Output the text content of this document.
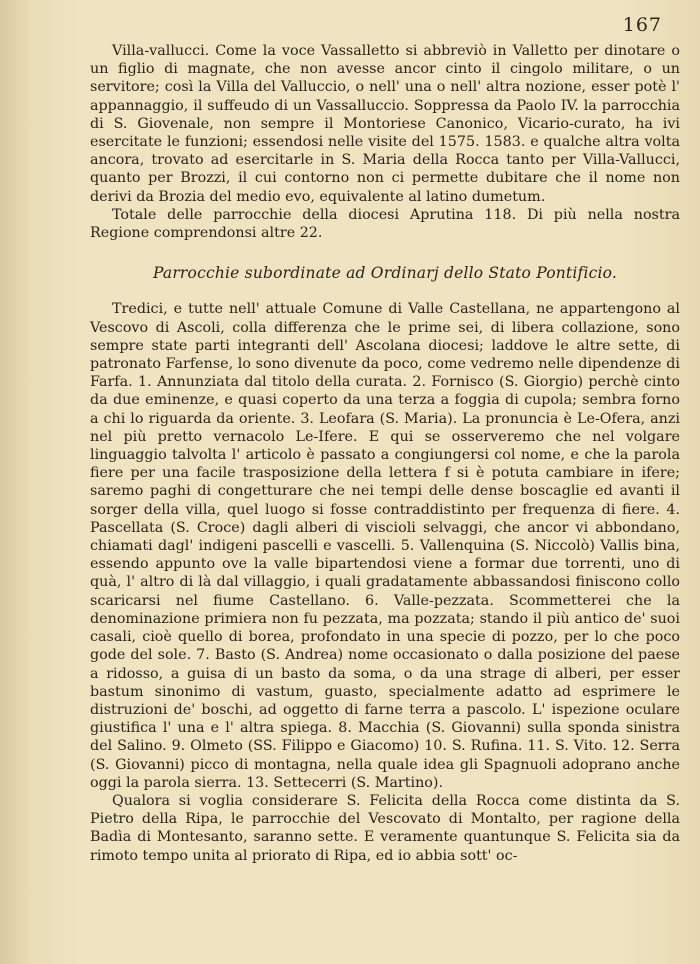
167

Villa-vallucci. Come la voce Vassalletto si abbreviò in Valletto per dinotare o un figlio di magnate, che non avesse ancor cinto il cingolo militare, o un servitore; così la Villa del Valluccio, o nell' una o nell' altra nozione, esser potè l' appannaggio, il suffeudo di un Vassalluccio. Soppressa da Paolo IV. la parrocchia di S. Giovenale, non sempre il Montoriese Canonico, Vicario-curato, ha ivi esercitate le funzioni; essendosi nelle visite del 1575. 1583. e qualche altra volta ancora, trovato ad esercitarle in S. Maria della Rocca tanto per Villa-Vallucci, quanto per Brozzi, il cui contorno non ci permette dubitare che il nome non derivi da Brozia del medio evo, equivalente al latino dumetum.

Totale delle parrocchie della diocesi Aprutina 118. Di più nella nostra Regione comprendonsi altre 22.

Parrocchie subordinate ad Ordinarj dello Stato Pontificio.

Tredici, e tutte nell' attuale Comune di Valle Castellana, ne appartengono al Vescovo di Ascoli, colla differenza che le prime sei, di libera collazione, sono sempre state parti integranti dell' Ascolana diocesi; laddove le altre sette, di patronato Farfense, lo sono divenute da poco, come vedremo nelle dipendenze di Farfa. 1. Annunziata dal titolo della curata. 2. Fornisco (S. Giorgio) perchè cinto da due eminenze, e quasi coperto da una terza a foggia di cupola; sembra forno a chi lo riguarda da oriente. 3. Leofara (S. Maria). La pronuncia è Le-Ofera, anzi nel più pretto vernacolo Le-Ifere. E qui se osserveremo che nel volgare linguaggio talvolta l' articolo è passato a congiungersi col nome, e che la parola fiere per una facile trasposizione della lettera f si è potuta cambiare in ifere; saremo paghi di congetturare che nei tempi delle dense boscaglie ed avanti il sorger della villa, quel luogo si fosse contraddistinto per frequenza di fiere. 4. Pascellata (S. Croce) dagli alberi di visciolі selvaggi, che ancor vi abbondano, chiamati dagl' indigeni pascelli e vascelli. 5. Vallenquina (S. Niccolò) Vallis bina, essendo appunto ove la valle bipartendosi viene a formar due torrenti, uno di quà, l' altro di là dal villaggio, i quali gradatamente abbassandosi finiscono collo scaricarsi nel fiume Castellano. 6. Valle-pezzata. Scommetterei che la denominazione primiera non fu pezzata, ma pozzata; stando il più antico de' suoi casali, cioè quello di borea, profondato in una specie di pozzo, per lo che poco gode del sole. 7. Basto (S. Andrea) nome occasionato o dalla posizione del paese a ridosso, a guisa di un basto da soma, o da una strage di alberi, per esser bastum sinonimo di vastum, guasto, specialmente adatto ad esprimere le distruzioni de' boschi, ad oggetto di farne terra a pascolo. L' ispezione oculare giustifica l' una e l' altra spiega. 8. Macchia (S. Giovanni) sulla sponda sinistra del Salino. 9. Olmeto (SS. Filippo e Giacomo) 10. S. Rufina. 11. S. Vito. 12. Serra (S. Giovanni) picco di montagna, nella quale idea gli Spagnuoli adoprano anche oggi la parola sierra. 13. Settecerri (S. Martino).

Qualora si voglia considerare S. Felicita della Rocca come distinta da S. Pietro della Ripa, le parrocchie del Vescovato di Montalto, per ragione della Badìa di Montesanto, saranno sette. E veramente quantunque S. Felicita sia da rimoto tempo unita al priorato di Ripa, ed io abbia sott' oc-
